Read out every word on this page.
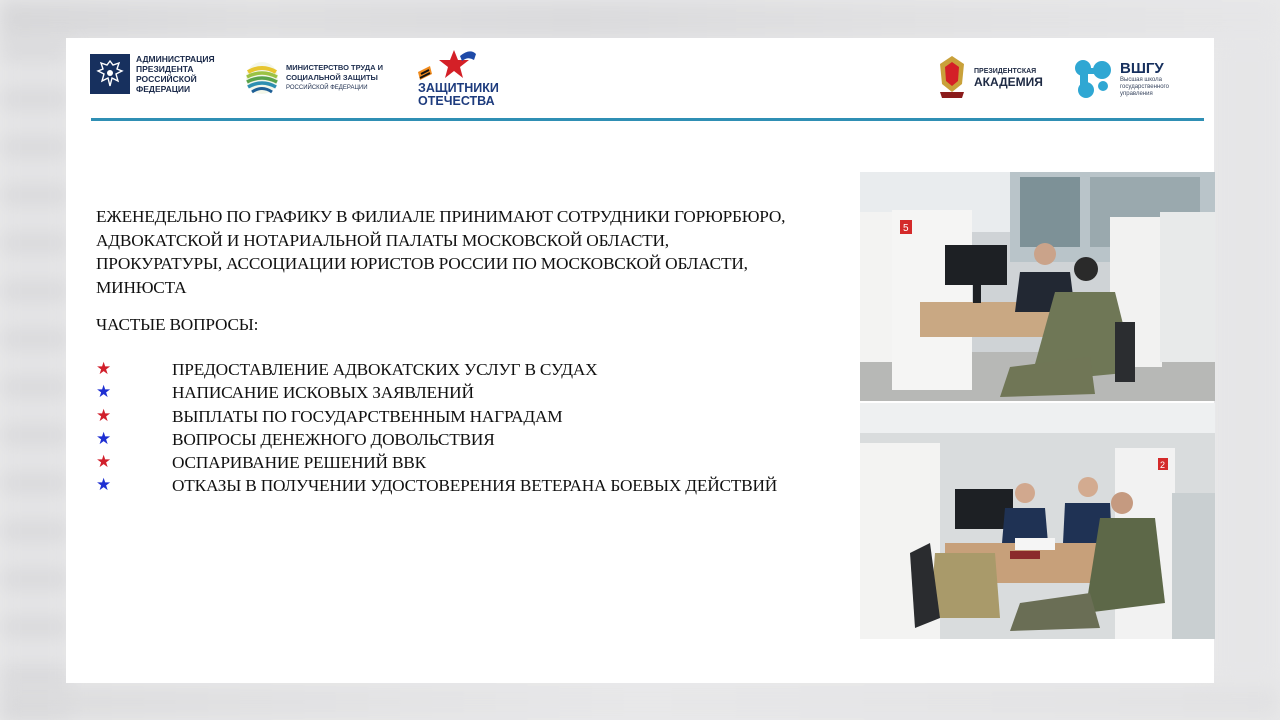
АДМИНИСТРАЦИЯ ПРЕЗИДЕНТА РОССИЙСКОЙ ФЕДЕРАЦИИ
МИНИСТЕРСТВО ТРУДА И СОЦИАЛЬНОЙ ЗАЩИТЫ
РОССИЙСКОЙ ФЕДЕРАЦИИ	ЗАЩИТНИКИ ОТЕЧЕСТВА
ПРЕЗИДЕНТСКАЯ
АКАДЕМИЯ
ВШГУ
Высшая школа государственного управления

ЕЖЕНЕДЕЛЬНО ПО ГРАФИКУ В ФИЛИАЛЕ ПРИНИМАЮТ СОТРУДНИКИ ГОРЮРБЮРО, АДВОКАТСКОЙ И НОТАРИАЛЬНОЙ ПАЛАТЫ МОСКОВСКОЙ ОБЛАСТИ, ПРОКУРАТУРЫ, АССОЦИАЦИИ ЮРИСТОВ РОССИИ ПО МОСКОВСКОЙ ОБЛАСТИ, МИНЮСТА

ЧАСТЫЕ ВОПРОСЫ:
★	ПРЕДОСТАВЛЕНИЕ АДВОКАТСКИХ УСЛУГ В СУДАХ
★	НАПИСАНИЕ ИСКОВЫХ ЗАЯВЛЕНИЙ
★	ВЫПЛАТЫ ПО ГОСУДАРСТВЕННЫМ НАГРАДАМ
★	ВОПРОСЫ ДЕНЕЖНОГО ДОВОЛЬСТВИЯ
★	ОСПАРИВАНИЕ РЕШЕНИЙ ВВК
★	ОТКАЗЫ В ПОЛУЧЕНИИ УДОСТОВЕРЕНИЯ ВЕТЕРАНА БОЕВЫХ ДЕЙСТВИЙ
5
2
